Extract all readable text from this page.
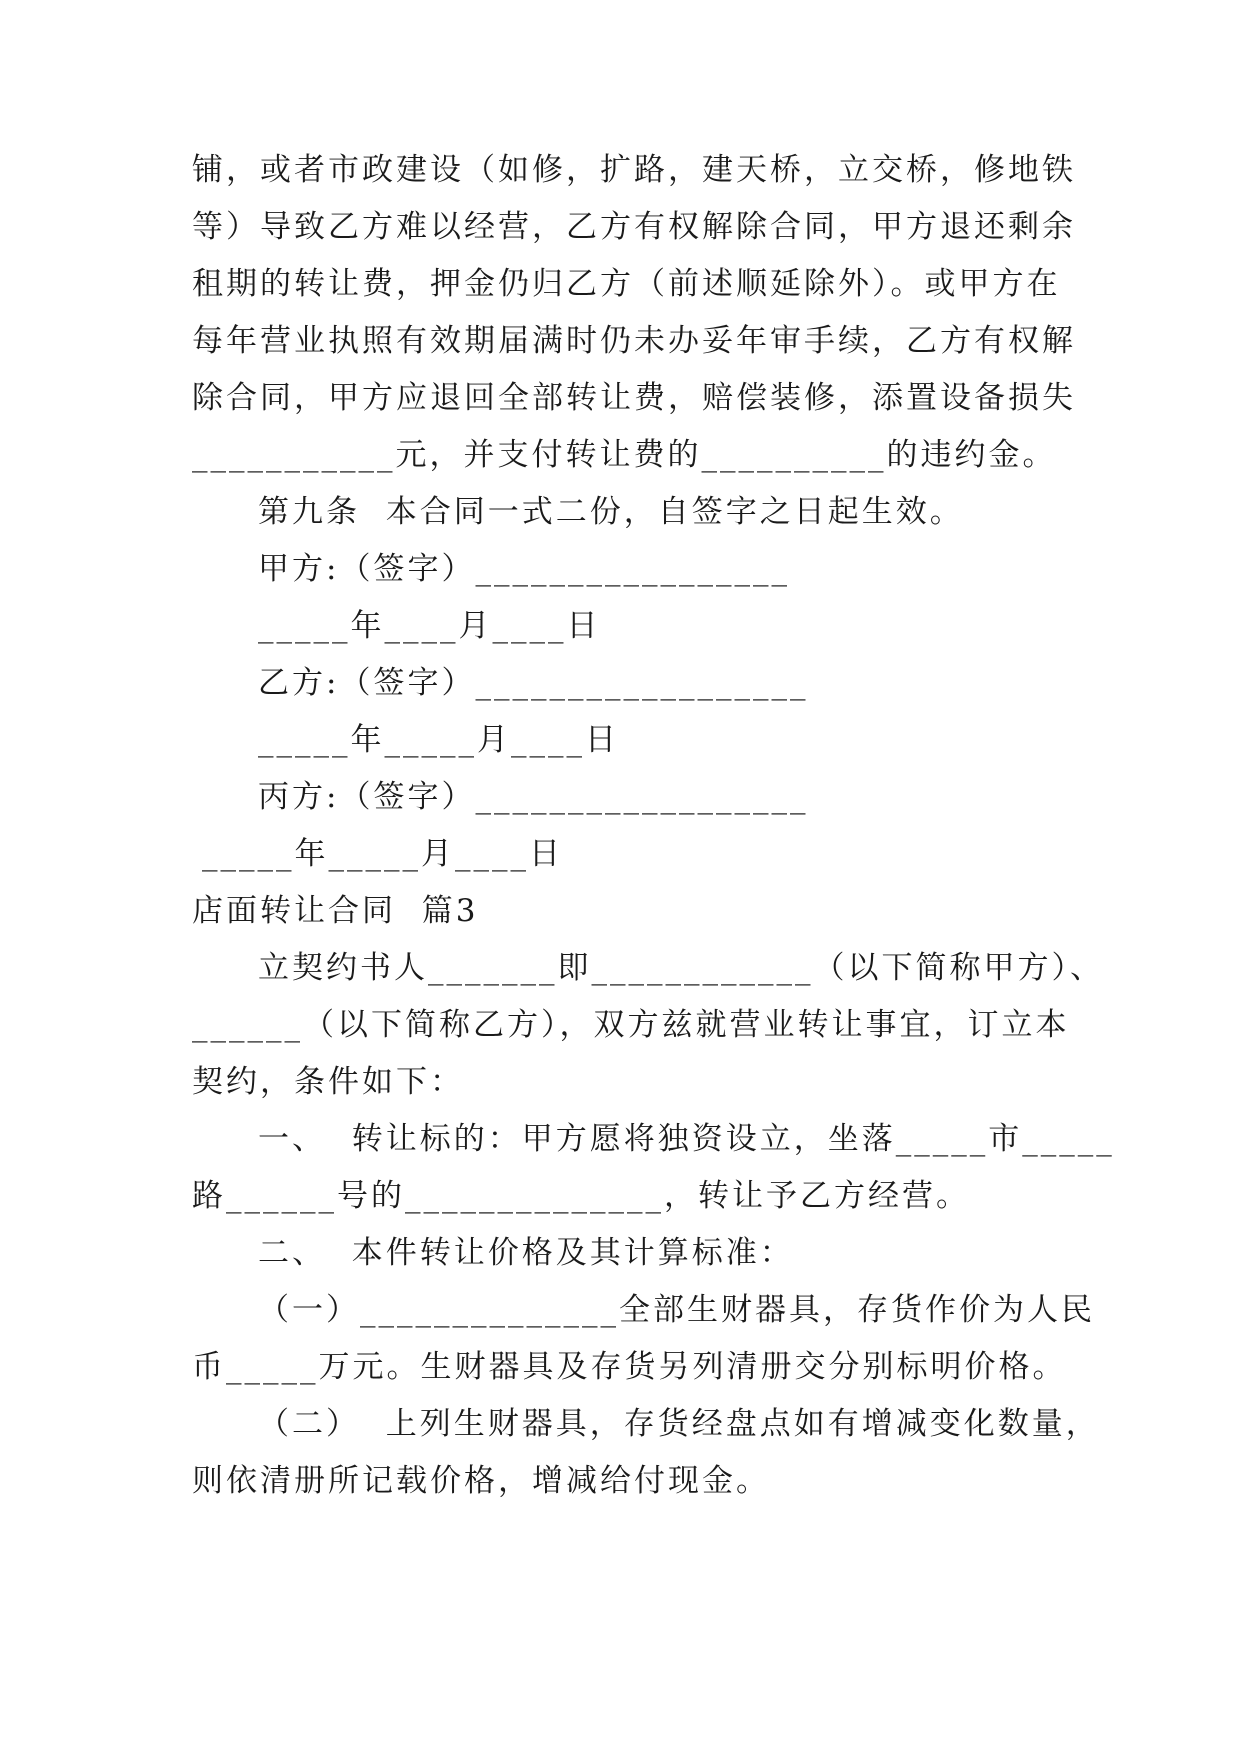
铺，或者市政建设（如修，扩路，建天桥，立交桥，修地铁
等）导致乙方难以经营，乙方有权解除合同，甲方退还剩余
租期的转让费，押金仍归乙方（前述顺延除外）。或甲方在
每年营业执照有效期届满时仍未办妥年审手续，乙方有权解
除合同，甲方应退回全部转让费，赔偿装修，添置设备损失
___________元，并支付转让费的__________的违约金。
第九条  本合同一式二份，自签字之日起生效。
甲方:（签字）_________________
_____年____月____日
乙方:（签字）__________________
_____年_____月____日
丙方:（签字）__________________
_____年_____月____日
店面转让合同  篇3
立契约书人_______即____________（以下简称甲方）、
______（以下简称乙方），双方兹就营业转让事宜，订立本
契约，条件如下：
一、  转让标的：甲方愿将独资设立，坐落_____市_____
路______号的______________，转让予乙方经营。
二、  本件转让价格及其计算标准：
（一）______________全部生财器具，存货作价为人民
币_____万元。生财器具及存货另列清册交分别标明价格。
（二）  上列生财器具，存货经盘点如有增减变化数量，
则依清册所记载价格，增减给付现金。
